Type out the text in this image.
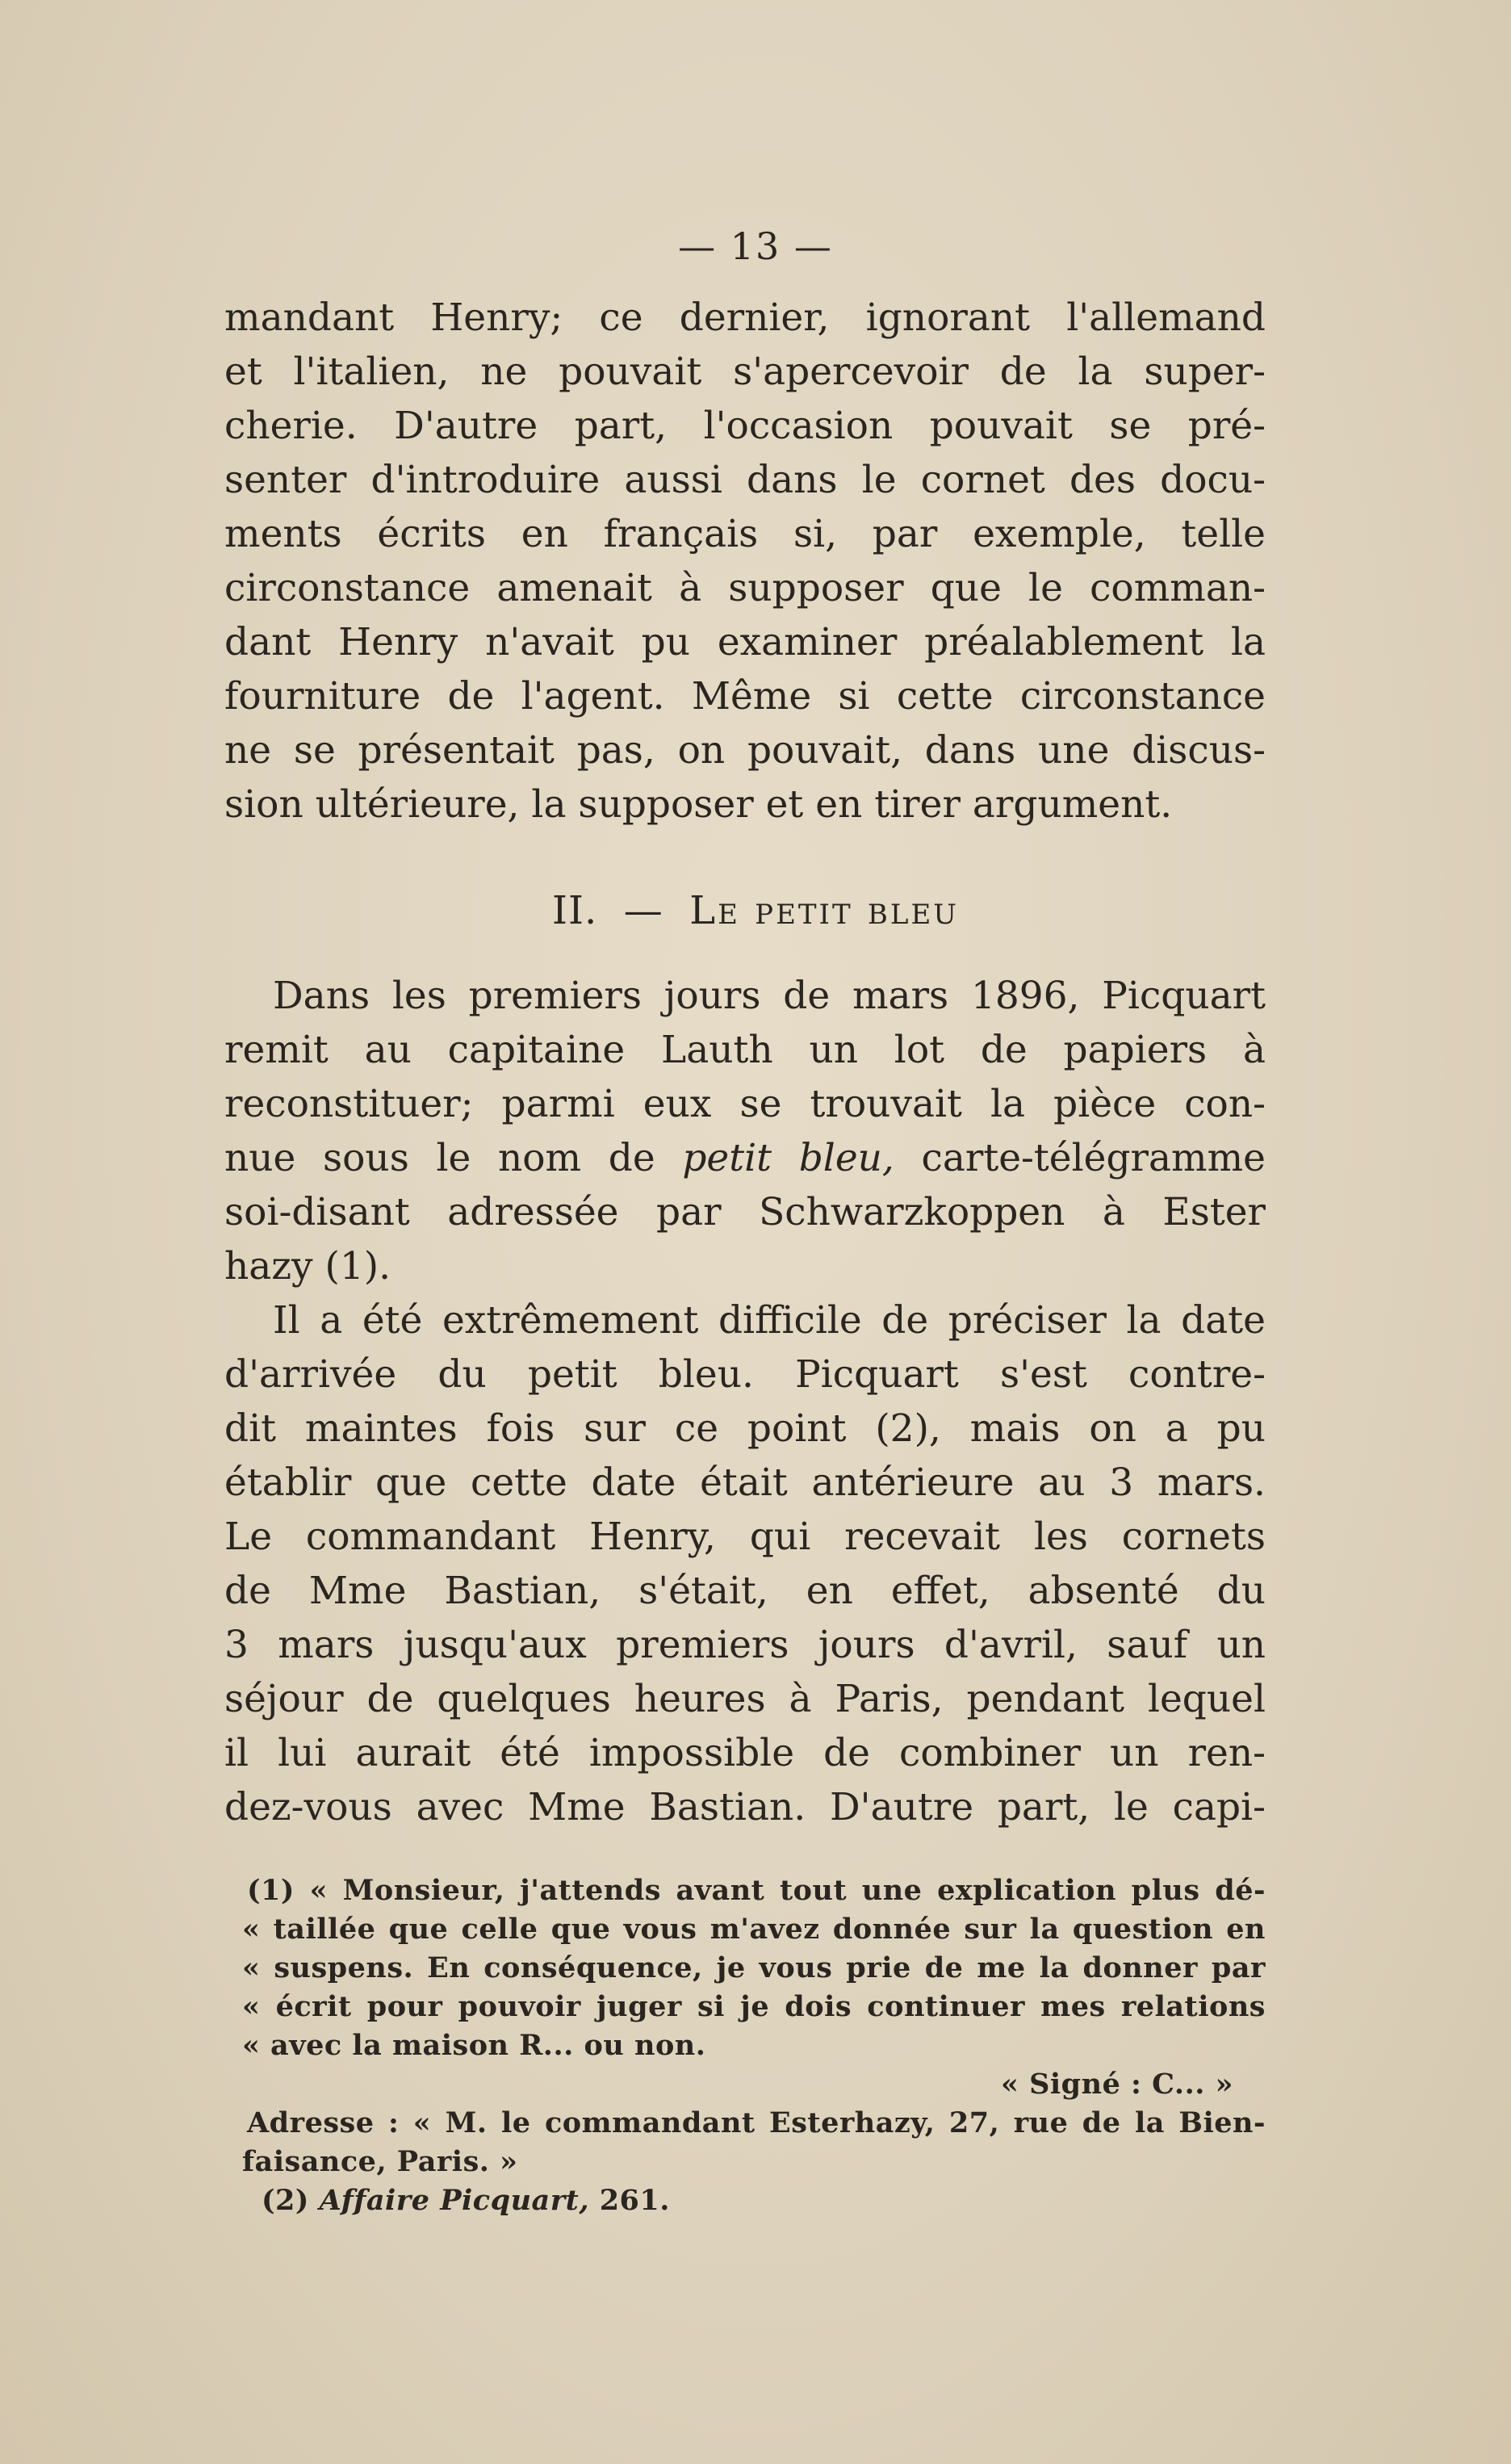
— 13 —
mandant Henry; ce dernier, ignorant l'allemand
et l'italien, ne pouvait s'apercevoir de la super-
cherie. D'autre part, l'occasion pouvait se pré-
senter d'introduire aussi dans le cornet des docu-
ments écrits en français si, par exemple, telle
circonstance amenait à supposer que le comman-
dant Henry n'avait pu examiner préalablement la
fourniture de l'agent. Même si cette circonstance
ne se présentait pas, on pouvait, dans une discus-
sion ultérieure, la supposer et en tirer argument.
II. — Le petit bleu
Dans les premiers jours de mars 1896, Picquart
remit au capitaine Lauth un lot de papiers à
reconstituer; parmi eux se trouvait la pièce con-
nue sous le nom de petit bleu, carte-télégramme
soi-disant adressée par Schwarzkoppen à Ester
hazy (1).
Il a été extrêmement difficile de préciser la date
d'arrivée du petit bleu. Picquart s'est contre-
dit maintes fois sur ce point (2), mais on a pu
établir que cette date était antérieure au 3 mars.
Le commandant Henry, qui recevait les cornets
de Mme Bastian, s'était, en effet, absenté du
3 mars jusqu'aux premiers jours d'avril, sauf un
séjour de quelques heures à Paris, pendant lequel
il lui aurait été impossible de combiner un ren-
dez-vous avec Mme Bastian. D'autre part, le capi-
(1) « Monsieur, j'attends avant tout une explication plus dé-
« taillée que celle que vous m'avez donnée sur la question en
« suspens. En conséquence, je vous prie de me la donner par
« écrit pour pouvoir juger si je dois continuer mes relations
« avec la maison R... ou non.
« Signé : C... »
Adresse : « M. le commandant Esterhazy, 27, rue de la Bien-
faisance, Paris. »
(2) Affaire Picquart, 261.
